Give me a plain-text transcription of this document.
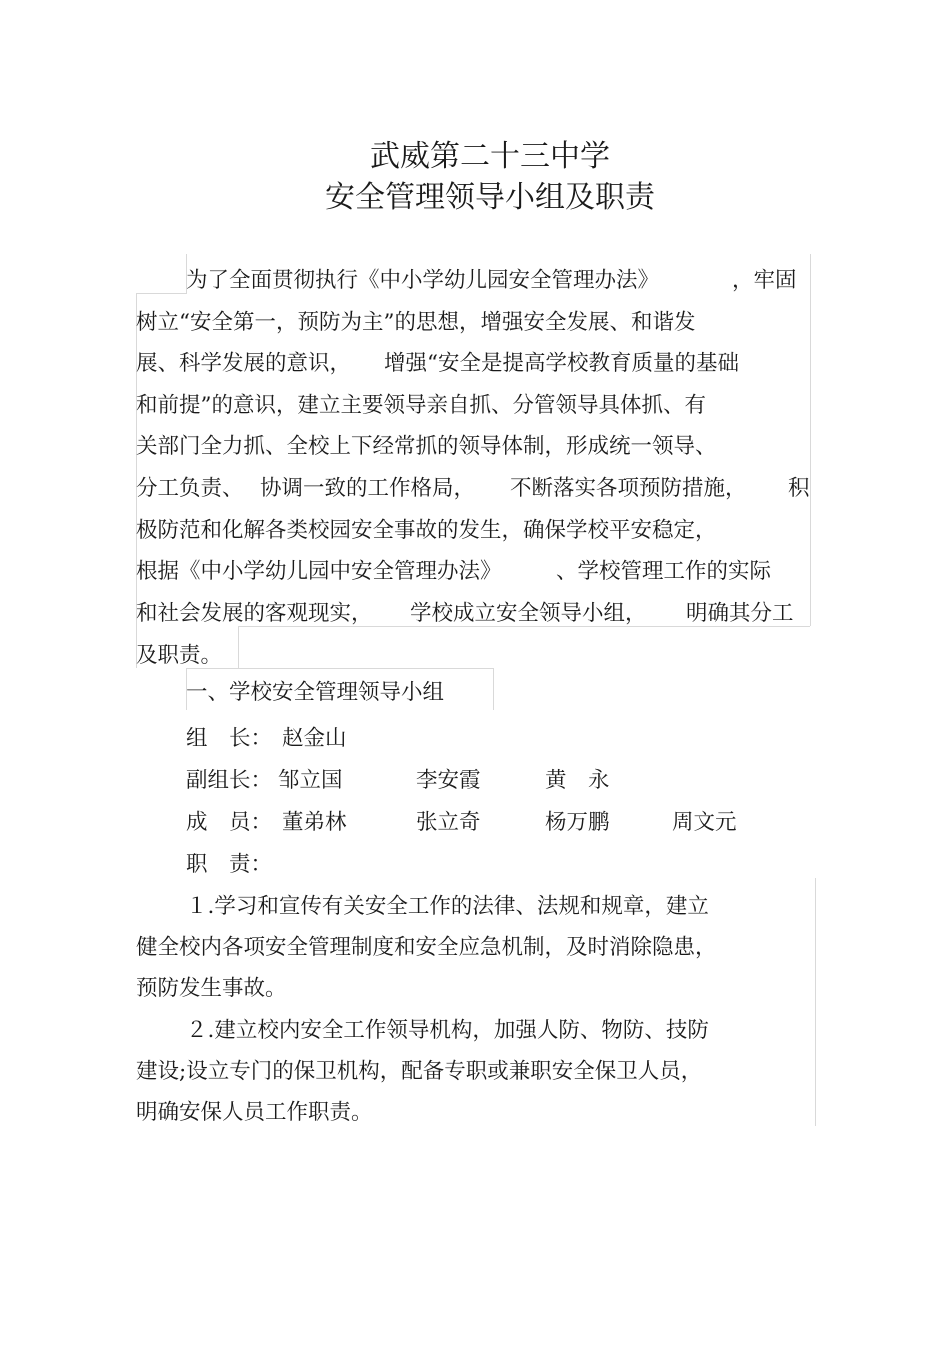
武威第二十三中学
安全管理领导小组及职责
为了全面贯彻执行《中小学幼儿园安全管理办法》	，牢固
树立“安全第一，预防为主”的思想，增强安全发展、和谐发
展、科学发展的意识， 增强“安全是提高学校教育质量的基础
和前提”的意识，建立主要领导亲自抓、分管领导具体抓、有
关部门全力抓、全校上下经常抓的领导体制，形成统一领导、
分工负责、 协调一致的工作格局， 不断落实各项预防措施， 积
极防范和化解各类校园安全事故的发生，确保学校平安稳定，
根据《中小学幼儿园中安全管理办法》	、学校管理工作的实际
和社会发展的客观现实， 学校成立安全领导小组， 明确其分工
及职责。
一、学校安全管理领导小组
组　长： 赵金山
副组长： 邹立国	李安霞	黄　永
成　员： 董弟林	张立奇	杨万鹏	周文元
职　责：
１.学习和宣传有关安全工作的法律、法规和规章，建立
健全校内各项安全管理制度和安全应急机制，及时消除隐患，
预防发生事故。
２.建立校内安全工作领导机构，加强人防、物防、技防
建设;设立专门的保卫机构，配备专职或兼职安全保卫人员，
明确安保人员工作职责。
